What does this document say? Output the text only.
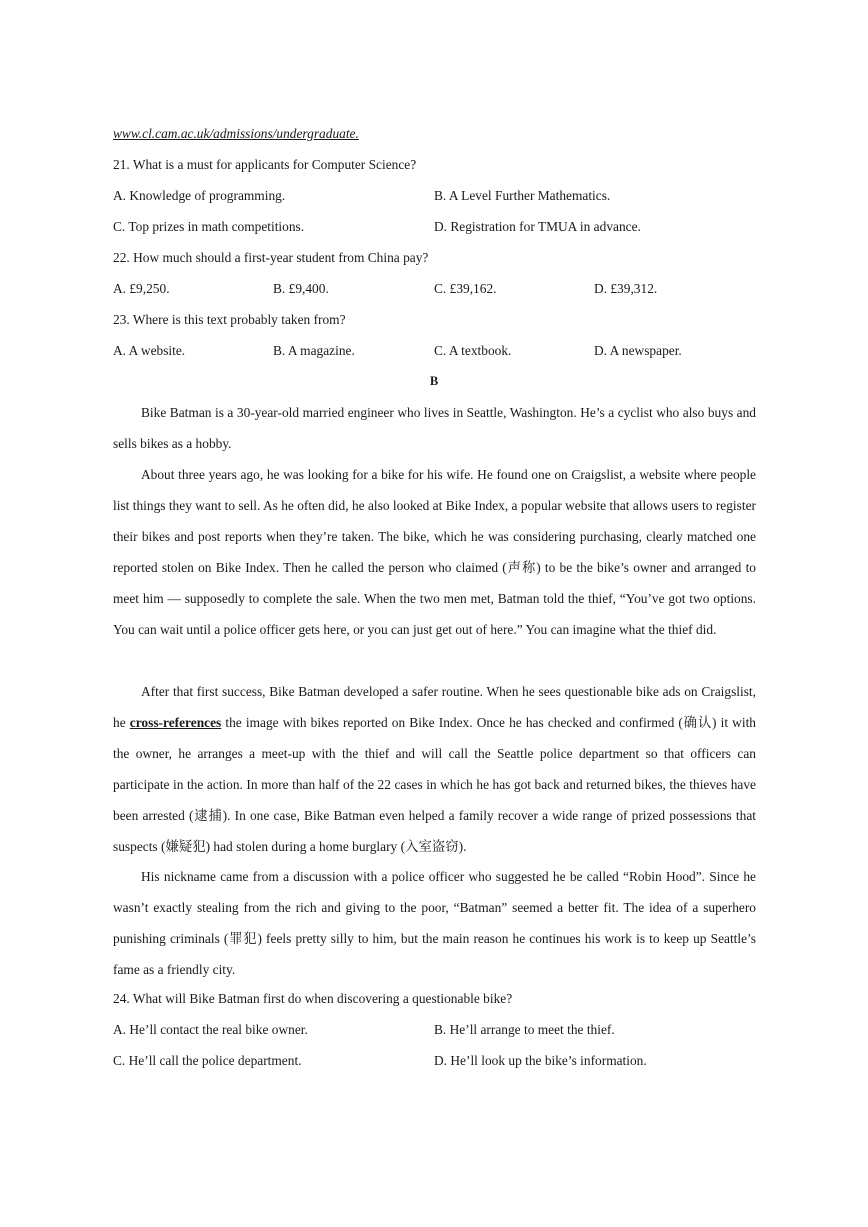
www.cl.cam.ac.uk/admissions/undergraduate.
21. What is a must for applicants for Computer Science?
A. Knowledge of programming.	B. A Level Further Mathematics.
C. Top prizes in math competitions.	D. Registration for TMUA in advance.
22. How much should a first-year student from China pay?
A. £9,250.	B. £9,400.	C. £39,162.	D. £39,312.
23. Where is this text probably taken from?
A. A website.	B. A magazine.	C. A textbook.	D. A newspaper.
B

Bike Batman is a 30-year-old married engineer who lives in Seattle, Washington. He’s a cyclist who also buys and sells bikes as a hobby.

About three years ago, he was looking for a bike for his wife. He found one on Craigslist, a website where people list things they want to sell. As he often did, he also looked at Bike Index, a popular website that allows users to register their bikes and post reports when they’re taken. The bike, which he was considering purchasing, clearly matched one reported stolen on Bike Index. Then he called the person who claimed (声称) to be the bike’s owner and arranged to meet him — supposedly to complete the sale. When the two men met, Batman told the thief, “You’ve got two options. You can wait until a police officer gets here, or you can just get out of here.” You can imagine what the thief did.

After that first success, Bike Batman developed a safer routine. When he sees questionable bike ads on Craigslist, he cross-references the image with bikes reported on Bike Index. Once he has checked and confirmed (确认) it with the owner, he arranges a meet-up with the thief and will call the Seattle police department so that officers can participate in the action. In more than half of the 22 cases in which he has got back and returned bikes, the thieves have been arrested (逮捕). In one case, Bike Batman even helped a family recover a wide range of prized possessions that suspects (嫌疑犯) had stolen during a home burglary (入室盗窃).

His nickname came from a discussion with a police officer who suggested he be called “Robin Hood”. Since he wasn’t exactly stealing from the rich and giving to the poor, “Batman” seemed a better fit. The idea of a superhero punishing criminals (罪犯) feels pretty silly to him, but the main reason he continues his work is to keep up Seattle’s fame as a friendly city.

24. What will Bike Batman first do when discovering a questionable bike?
A. He’ll contact the real bike owner.	B. He’ll arrange to meet the thief.
C. He’ll call the police department.	D. He’ll look up the bike’s information.
